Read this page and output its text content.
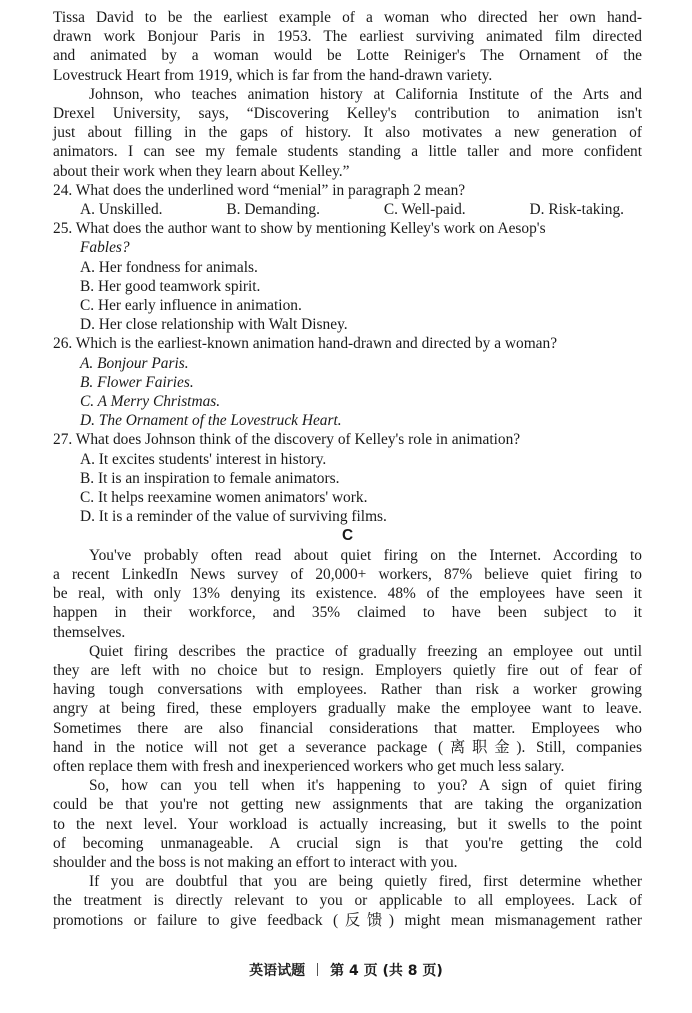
Tissa David to be the earliest example of a woman who directed her own hand-
drawn work Bonjour Paris in 1953. The earliest surviving animated film directed
and animated by a woman would be Lotte Reiniger's The Ornament of the
Lovestruck Heart from 1919, which is far from the hand-drawn variety.
Johnson, who teaches animation history at California Institute of the Arts and
Drexel University, says, “Discovering Kelley's contribution to animation isn't
just about filling in the gaps of history. It also motivates a new generation of
animators. I can see my female students standing a little taller and more confident
about their work when they learn about Kelley.”
24. What does the underlined word “menial” in paragraph 2 mean?
A. Unskilled.	B. Demanding.	C. Well-paid.	D. Risk-taking.
25. What does the author want to show by mentioning Kelley's work on Aesop's
Fables?
A. Her fondness for animals.
B. Her good teamwork spirit.
C. Her early influence in animation.
D. Her close relationship with Walt Disney.
26. Which is the earliest-known animation hand-drawn and directed by a woman?
A. Bonjour Paris.
B. Flower Fairies.
C. A Merry Christmas.
D. The Ornament of the Lovestruck Heart.
27. What does Johnson think of the discovery of Kelley's role in animation?
A. It excites students' interest in history.
B. It is an inspiration to female animators.
C. It helps reexamine women animators' work.
D. It is a reminder of the value of surviving films.
C
You've probably often read about quiet firing on the Internet. According to
a recent LinkedIn News survey of 20,000+ workers, 87% believe quiet firing to
be real, with only 13% denying its existence. 48% of the employees have seen it
happen in their workforce, and 35% claimed to have been subject to it
themselves.
Quiet firing describes the practice of gradually freezing an employee out until
they are left with no choice but to resign. Employers quietly fire out of fear of
having tough conversations with employees. Rather than risk a worker growing
angry at being fired, these employers gradually make the employee want to leave.
Sometimes there are also financial considerations that matter. Employees who
hand in the notice will not get a severance package (离职金). Still, companies
often replace them with fresh and inexperienced workers who get much less salary.
So, how can you tell when it's happening to you? A sign of quiet firing
could be that you're not getting new assignments that are taking the organization
to the next level. Your workload is actually increasing, but it swells to the point
of becoming unmanageable. A crucial sign is that you're getting the cold
shoulder and the boss is not making an effort to interact with you.
If you are doubtful that you are being quietly fired, first determine whether
the treatment is directly relevant to you or applicable to all employees. Lack of
promotions or failure to give feedback (反馈) might mean mismanagement rather
英语试题 第 4 页 (共 8 页)
